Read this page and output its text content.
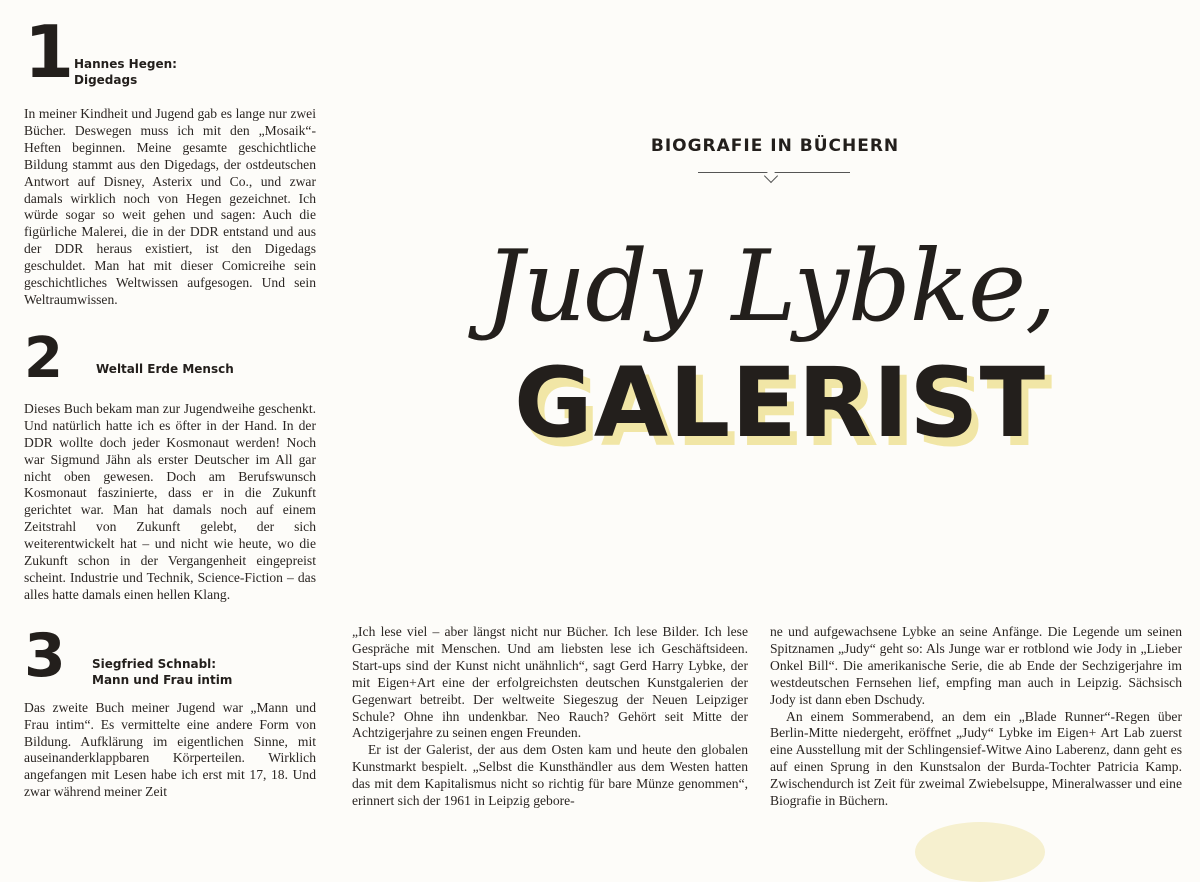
1 Hannes Hegen:
Digedags

In meiner Kindheit und Jugend gab es lange nur zwei Bücher. Deswegen muss ich mit den „Mosaik“-Heften beginnen. Meine gesamte geschichtliche Bildung stammt aus den Digedags, der ostdeutschen Antwort auf Disney, Asterix und Co., und zwar damals wirklich noch von Hegen gezeichnet. Ich würde sogar so weit gehen und sagen: Auch die figürliche Malerei, die in der DDR entstand und aus der DDR heraus existiert, ist den Digedags geschuldet. Man hat mit dieser Comicreihe sein geschichtliches Weltwissen aufgesogen. Und sein Weltraumwissen.

2	Weltall Erde Mensch

Dieses Buch bekam man zur Jugendweihe geschenkt. Und natürlich hatte ich es öfter in der Hand. In der DDR wollte doch jeder Kosmonaut werden! Noch war Sigmund Jähn als erster Deutscher im All gar nicht oben gewesen. Doch am Berufswunsch Kosmonaut faszinierte, dass er in die Zukunft gerichtet war. Man hat damals noch auf einem Zeitstrahl von Zukunft gelebt, der sich weiterentwickelt hat – und nicht wie heute, wo die Zukunft schon in der Vergangenheit eingepreist scheint. Industrie und Technik, Science-Fiction – das alles hatte damals einen hellen Klang.

3	Siegfried Schnabl:
Mann und Frau intim

Das zweite Buch meiner Jugend war „Mann und Frau intim“. Es vermittelte eine andere Form von Bildung. Aufklärung im eigentlichen Sinne, mit auseinanderklappbaren Körperteilen. Wirklich angefangen mit Lesen habe ich erst mit 17, 18. Und zwar während meiner Zeit

BIOGRAFIE IN BÜCHERN
Judy Lybke,
GALERIST

„Ich lese viel – aber längst nicht nur Bücher. Ich lese Bilder. Ich lese Gespräche mit Menschen. Und am liebsten lese ich Geschäftsideen. Start-ups sind der Kunst nicht unähnlich“, sagt Gerd Harry Lybke, der mit Eigen+Art eine der erfolgreichsten deutschen Kunstgalerien der Gegenwart betreibt. Der weltweite Siegeszug der Neuen Leipziger Schule? Ohne ihn undenkbar. Neo Rauch? Gehört seit Mitte der Achtzigerjahre zu seinen engen Freunden.

Er ist der Galerist, der aus dem Osten kam und heute den globalen Kunstmarkt bespielt. „Selbst die Kunsthändler aus dem Westen hatten das mit dem Kapitalismus nicht so richtig für bare Münze genommen“, erinnert sich der 1961 in Leipzig gebore-

ne und aufgewachsene Lybke an seine Anfänge. Die Legende um seinen Spitznamen „Judy“ geht so: Als Junge war er rotblond wie Jody in „Lieber Onkel Bill“. Die amerikanische Serie, die ab Ende der Sechzigerjahre im westdeutschen Fernsehen lief, empfing man auch in Leipzig. Sächsisch Jody ist dann eben Dschudy.

An einem Sommerabend, an dem ein „Blade Runner“-Regen über Berlin-Mitte niedergeht, eröffnet „Judy“ Lybke im Eigen+ Art Lab zuerst eine Ausstellung mit der Schlingensief-Witwe Aino Laberenz, dann geht es auf einen Sprung in den Kunstsalon der Burda-Tochter Patricia Kamp. Zwischendurch ist Zeit für zweimal Zwiebelsuppe, Mineralwasser und eine Biografie in Büchern.
